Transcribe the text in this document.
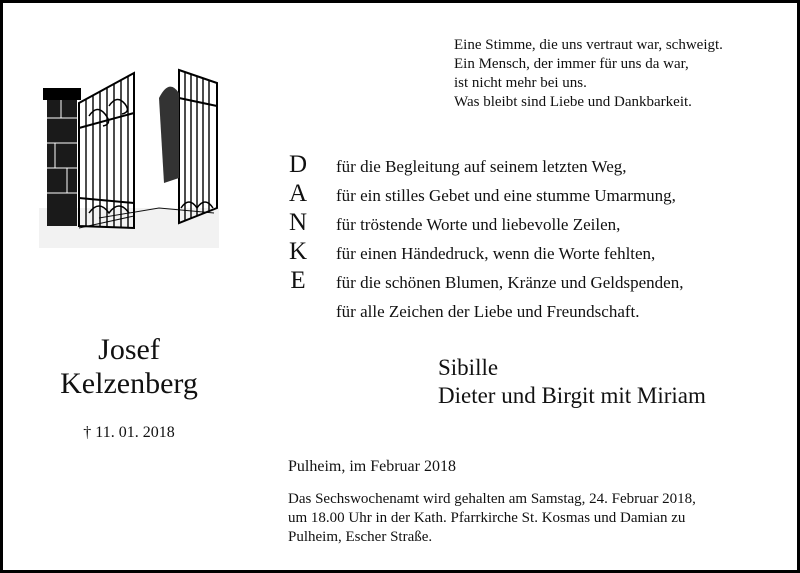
Eine Stimme, die uns vertraut war, schweigt.
Ein Mensch, der immer für uns da war,
ist nicht mehr bei uns.
Was bleibt sind Liebe und Dankbarkeit.
D
A
N
K
E
für die Begleitung auf seinem letzten Weg,
für ein stilles Gebet und eine stumme Umarmung,
für tröstende Worte und liebevolle Zeilen,
für einen Händedruck, wenn die Worte fehlten,
für die schönen Blumen, Kränze und Geldspenden,
für alle Zeichen der Liebe und Freundschaft.
Josef
Kelzenberg
† 11. 01. 2018
Sibille
Dieter und Birgit mit Miriam
Pulheim, im Februar 2018
Das Sechswochenamt wird gehalten am Samstag, 24. Februar 2018,
um 18.00 Uhr in der Kath. Pfarrkirche St. Kosmas und Damian zu
Pulheim, Escher Straße.
